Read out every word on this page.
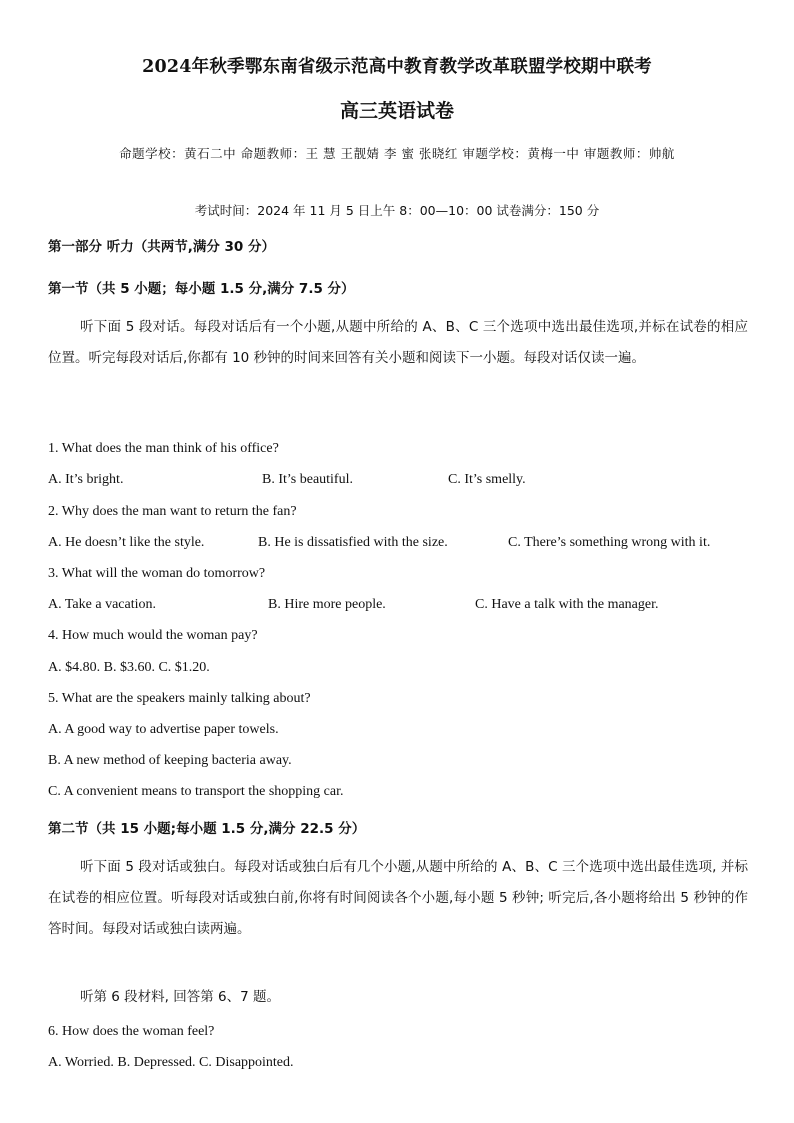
2024年秋季鄂东南省级示范高中教育教学改革联盟学校期中联考
高三英语试卷
命题学校：黄石二中 命题教师：王 慧 王靓婧 李 蜜 张晓红 审题学校：黄梅一中 审题教师：帅航
考试时间：2024 年 11 月 5 日上午 8：00—10：00 试卷满分：150 分
第一部分 听力（共两节,满分 30 分）
第一节（共 5 小题；每小题 1.5 分,满分 7.5 分）
听下面 5 段对话。每段对话后有一个小题,从题中所给的 A、B、C 三个选项中选出最佳选项,并标在试卷的相应位置。听完每段对话后,你都有 10 秒钟的时间来回答有关小题和阅读下一小题。每段对话仅读一遍。
1. What does the man think of his office?
A. It’s bright.	B. It’s beautiful.	C. It’s smelly.
2. Why does the man want to return the fan?
A. He doesn’t like the style.	B. He is dissatisfied with the size.	C. There’s something wrong with it.
3. What will the woman do tomorrow?
A. Take a vacation.	B. Hire more people.	C. Have a talk with the manager.
4. How much would the woman pay?
A. $4.80. B. $3.60. C. $1.20.
5. What are the speakers mainly talking about?
A. A good way to advertise paper towels.
B. A new method of keeping bacteria away.
C. A convenient means to transport the shopping car.
第二节（共 15 小题;每小题 1.5 分,满分 22.5 分）
听下面 5 段对话或独白。每段对话或独白后有几个小题,从题中所给的 A、B、C 三个选项中选出最佳选项, 并标在试卷的相应位置。听每段对话或独白前,你将有时间阅读各个小题,每小题 5 秒钟; 听完后,各小题将给出 5 秒钟的作答时间。每段对话或独白读两遍。
听第 6 段材料, 回答第 6、7 题。
6. How does the woman feel?
A. Worried. B. Depressed. C. Disappointed.
